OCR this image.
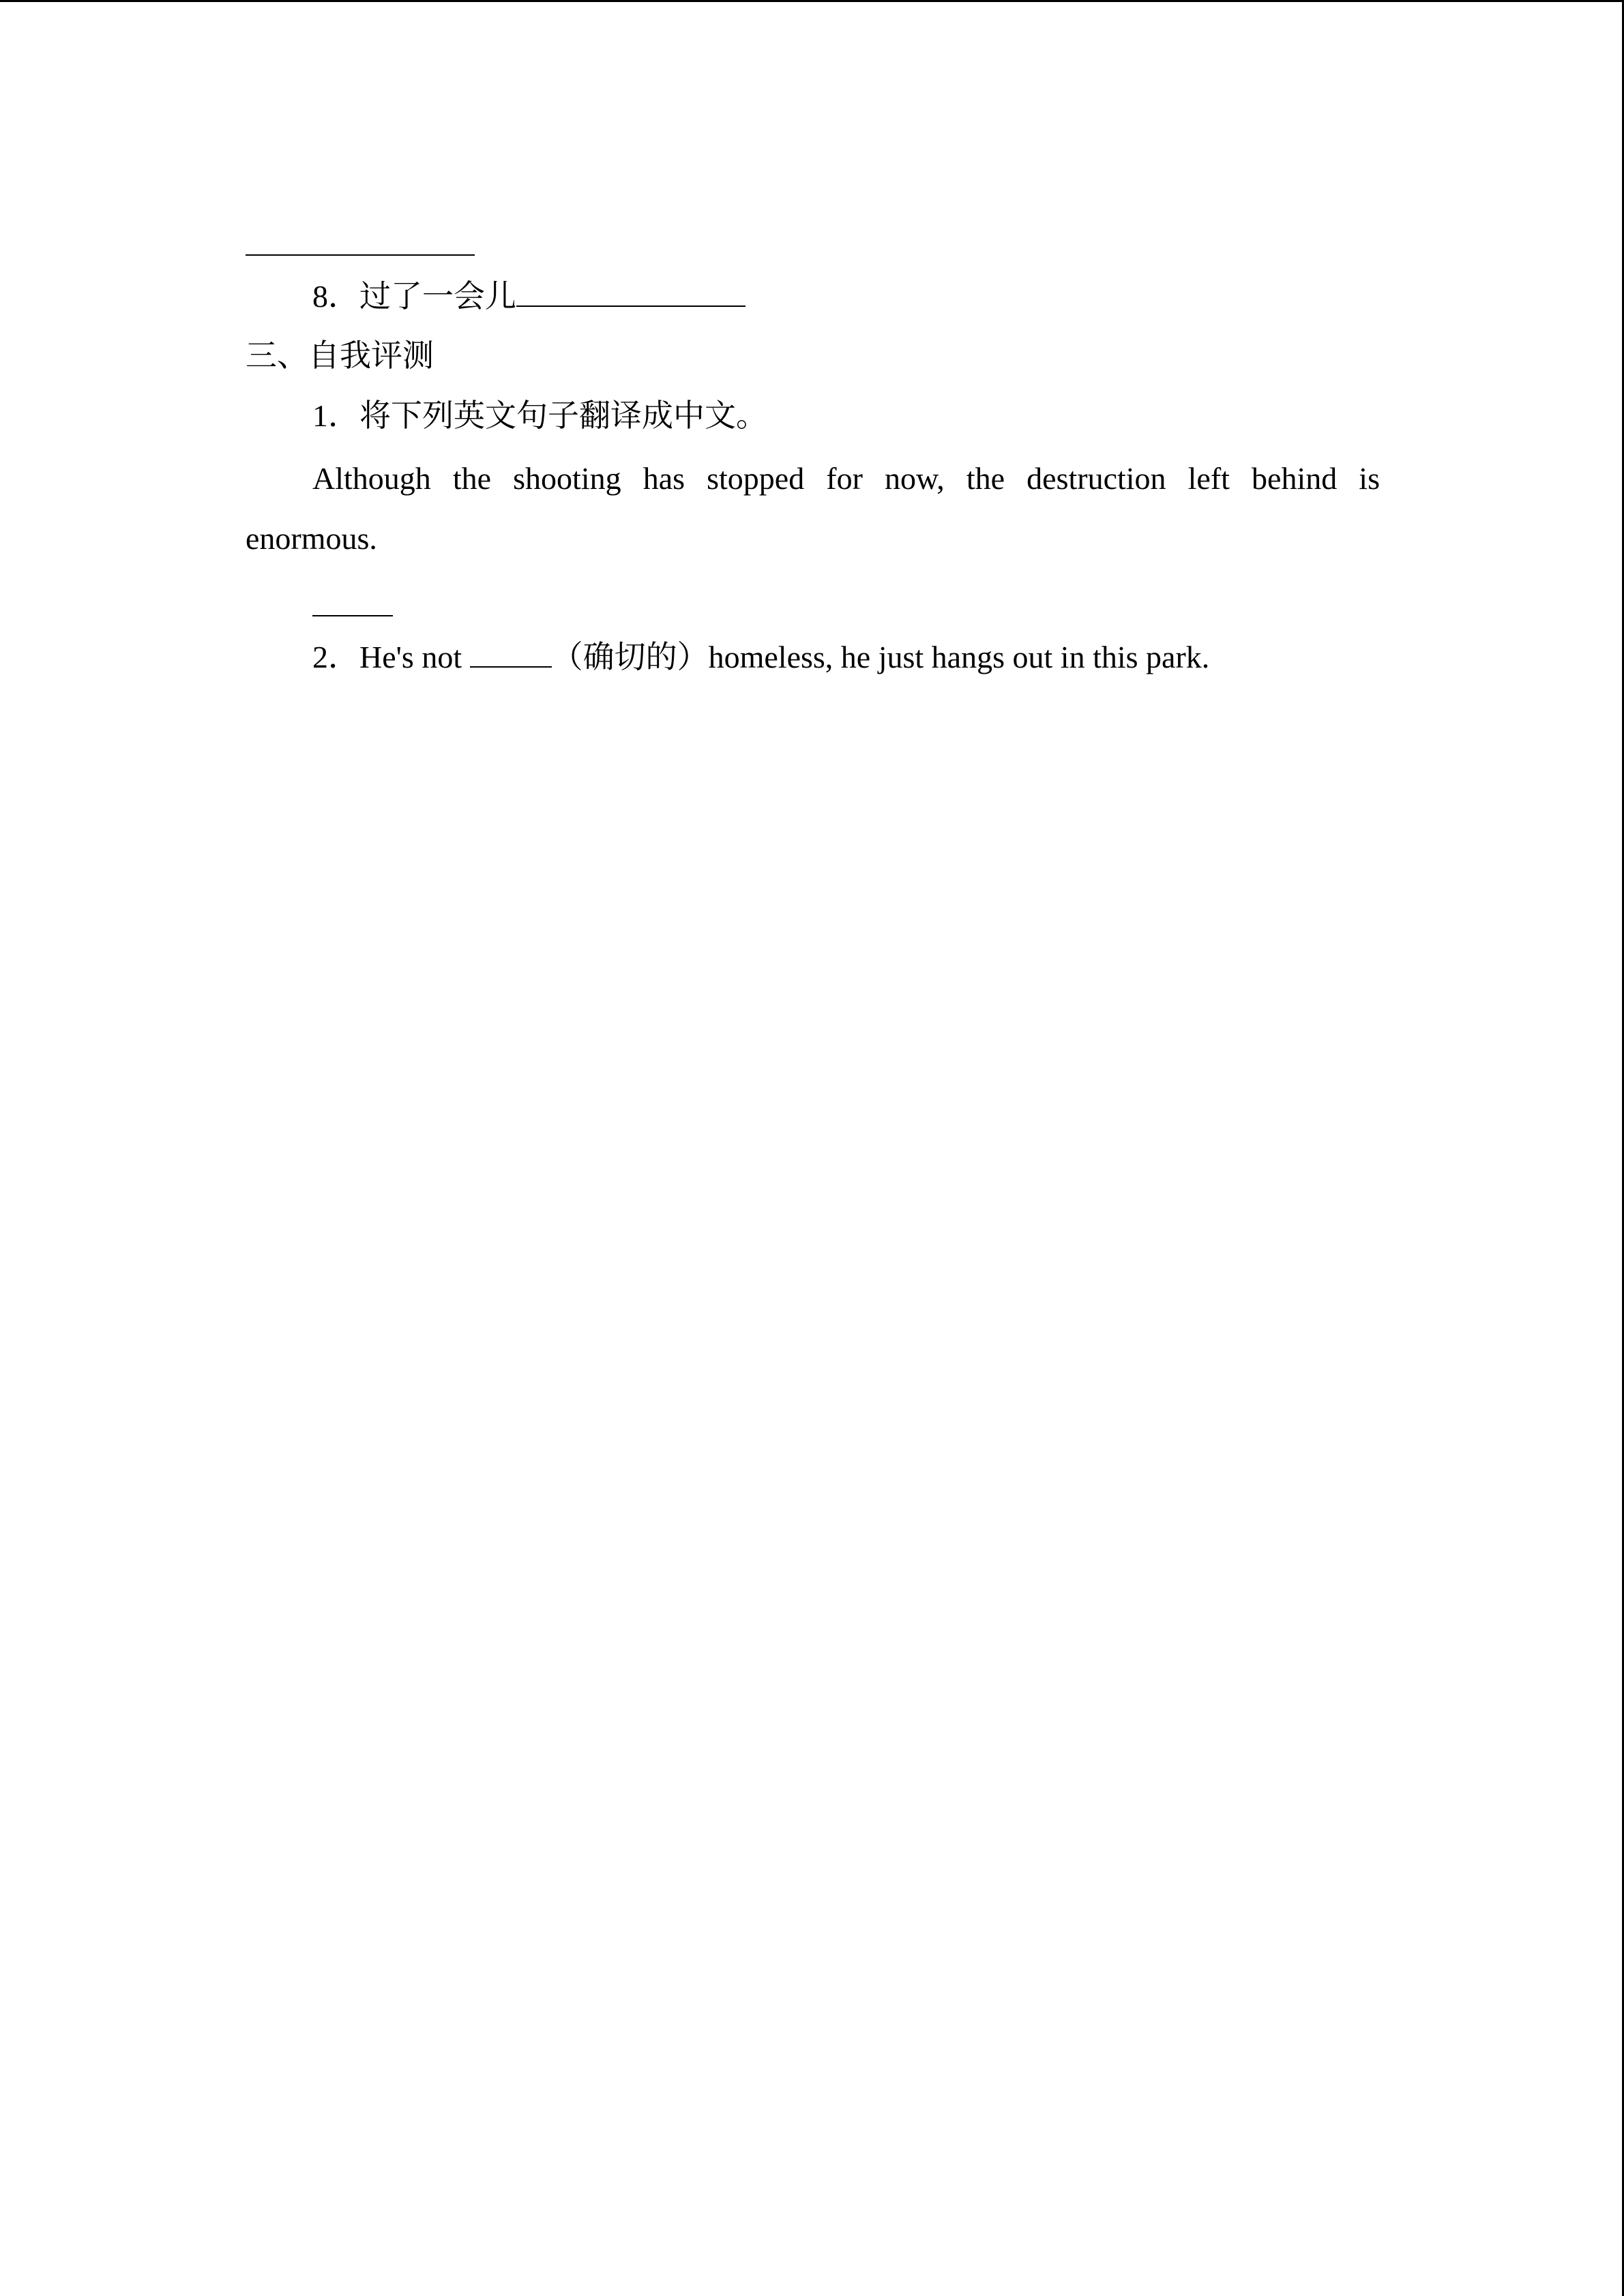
8．过了一会儿
三、自我评测
1．将下列英文句子翻译成中文。
Although the shooting has stopped for now, the destruction left behind is
enormous.
2．He's not	（确切的）homeless, he just hangs out in this park.
